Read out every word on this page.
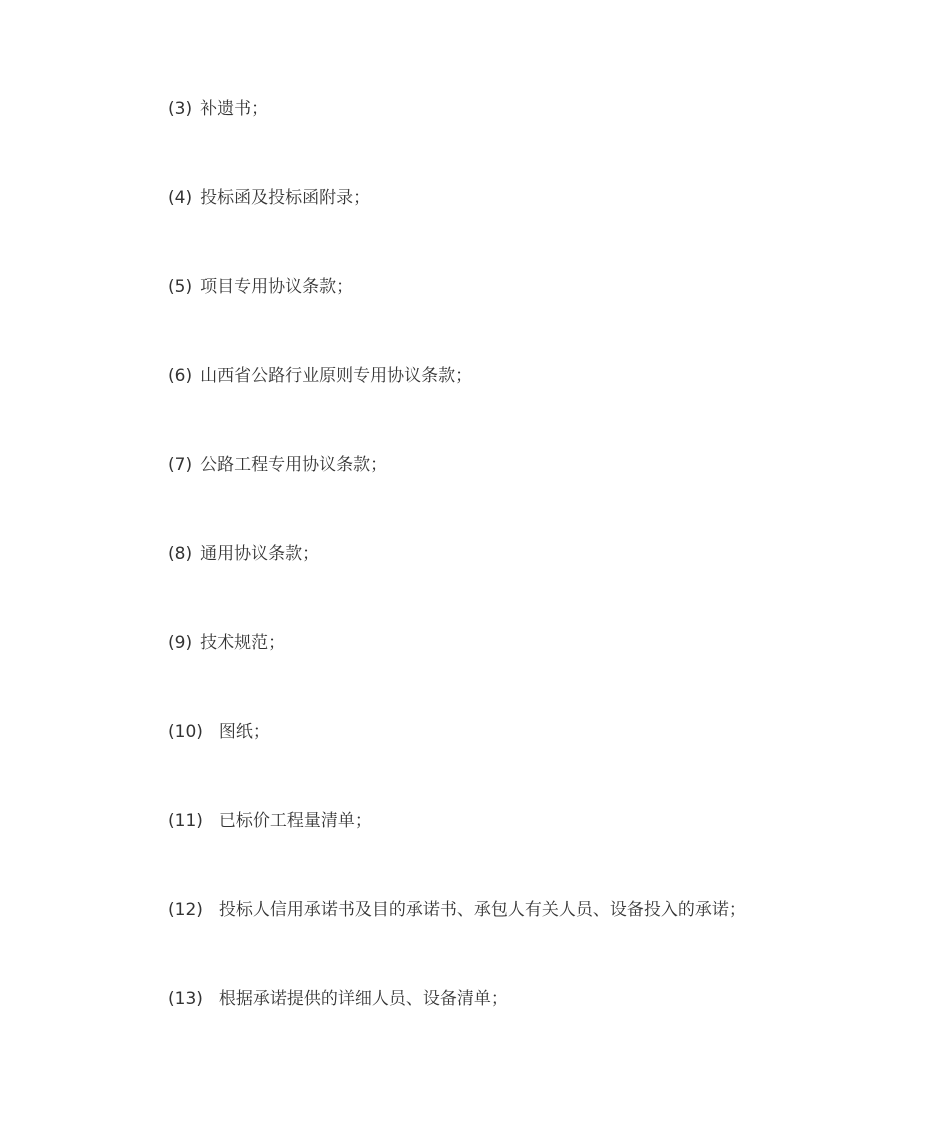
(3) 补遗书；
(4) 投标函及投标函附录；
(5) 项目专用协议条款；
(6) 山西省公路行业原则专用协议条款；
(7) 公路工程专用协议条款；
(8) 通用协议条款；
(9) 技术规范；
(10) 图纸；
(11) 已标价工程量清单；
(12) 投标人信用承诺书及目的承诺书、承包人有关人员、设备投入的承诺；
(13) 根据承诺提供的详细人员、设备清单；
